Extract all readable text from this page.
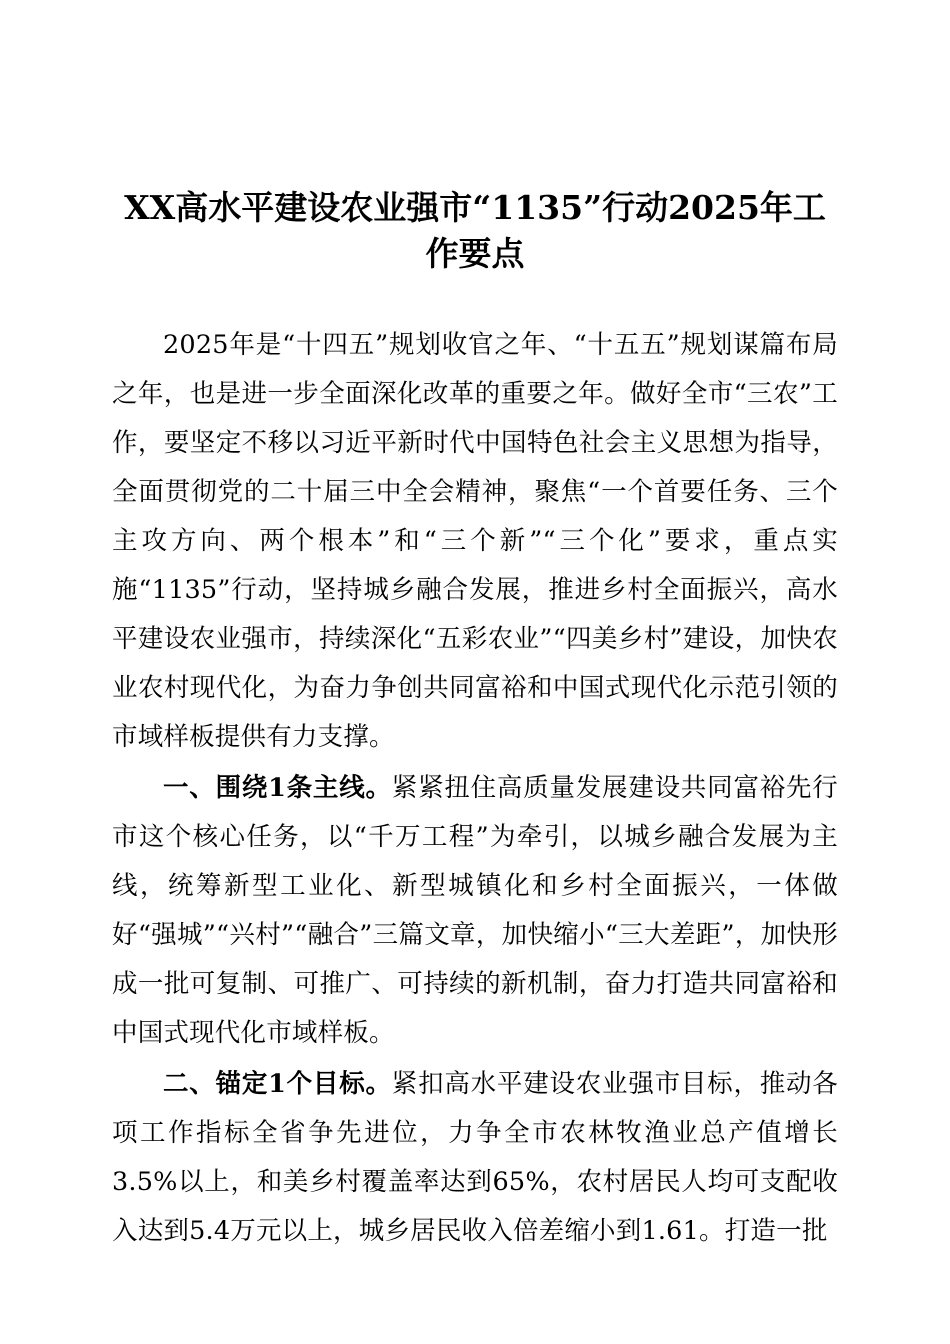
XX高水平建设农业强市“1135”行动2025年工作要点

2025年是“十四五”规划收官之年、“十五五”规划谋篇布局之年，也是进一步全面深化改革的重要之年。做好全市“三农”工作，要坚定不移以习近平新时代中国特色社会主义思想为指导，全面贯彻党的二十届三中全会精神，聚焦“一个首要任务、三个主攻方向、两个根本”和“三个新”“三个化”要求，重点实施“1135”行动，坚持城乡融合发展，推进乡村全面振兴，高水平建设农业强市，持续深化“五彩农业”“四美乡村”建设，加快农业农村现代化，为奋力争创共同富裕和中国式现代化示范引领的市域样板提供有力支撑。

一、围绕1条主线。紧紧扭住高质量发展建设共同富裕先行市这个核心任务，以“千万工程”为牵引，以城乡融合发展为主线，统筹新型工业化、新型城镇化和乡村全面振兴，一体做好“强城”“兴村”“融合”三篇文章，加快缩小“三大差距”，加快形成一批可复制、可推广、可持续的新机制，奋力打造共同富裕和中国式现代化市域样板。

二、锚定1个目标。紧扣高水平建设农业强市目标，推动各项工作指标全省争先进位，力争全市农林牧渔业总产值增长3.5%以上，和美乡村覆盖率达到65%，农村居民人均可支配收入达到5.4万元以上，城乡居民收入倍差缩小到1.61。打造一批
